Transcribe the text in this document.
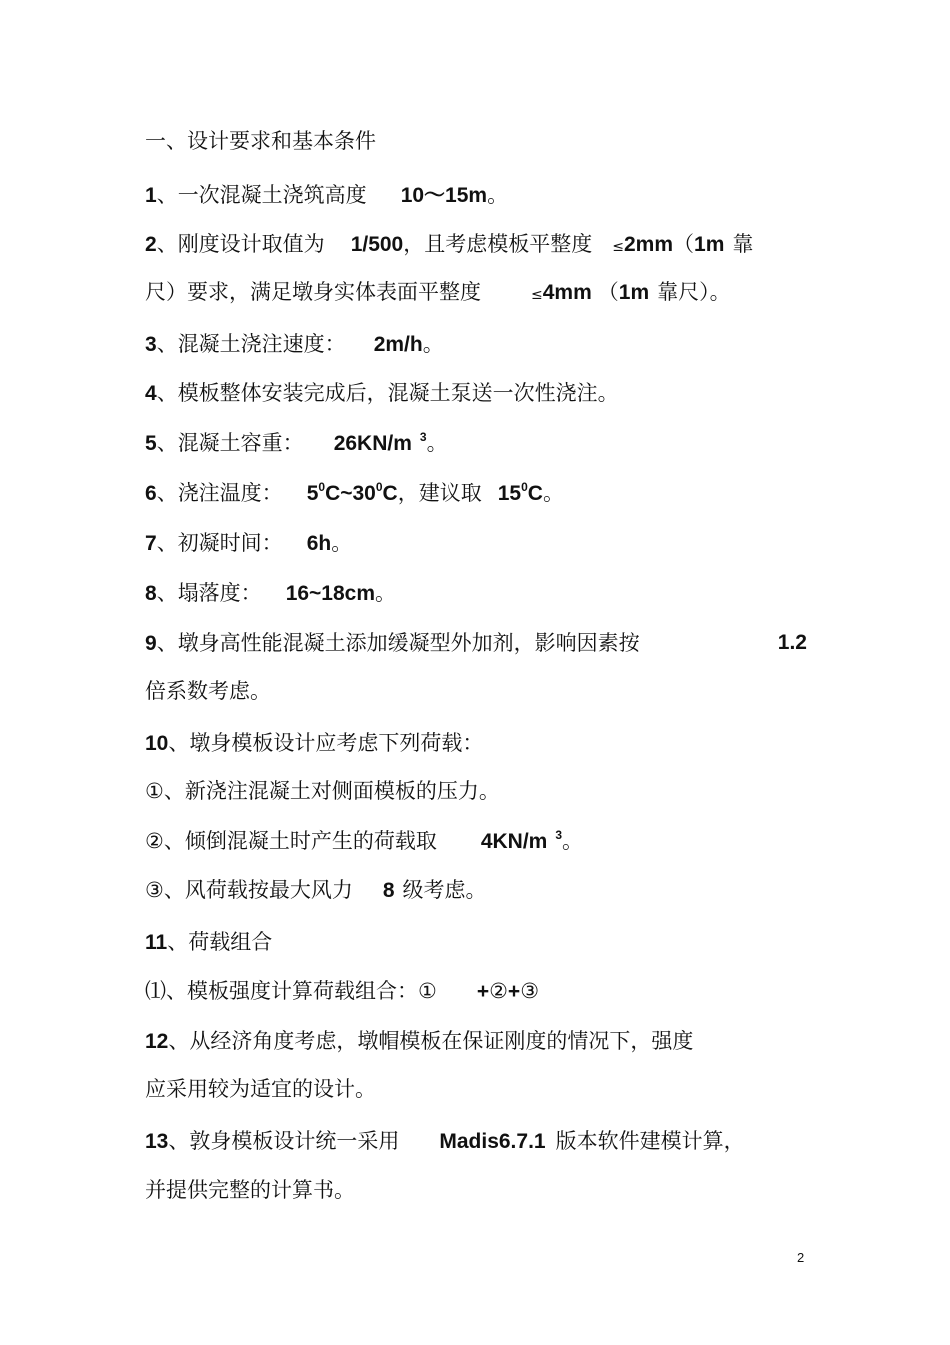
一、设计要求和基本条件
1、一次混凝土浇筑高度 10～15m。
2、刚度设计取值为 1/500，且考虑模板平整度 ≤2mm（1m 靠
尺）要求，满足墩身实体表面平整度	≤4mm （1m 靠尺）。
3、混凝土浇注速度： 2m/h。
4、模板整体安装完成后，混凝土泵送一次性浇注。
5、混凝土容重： 26KN/m $^3$。
6、浇注温度： $5^0C\sim 30^0C$，建议取 $15^0C$。
7、初凝时间： 6h。
8、塌落度： 16~18cm。
9、墩身高性能混凝土添加缓凝型外加剂，影响因素按	1.2
倍系数考虑。
10、墩身模板设计应考虑下列荷载：
①、新浇注混凝土对侧面模板的压力。
②、倾倒混凝土时产生的荷载取 4KN/m $^3$。
③、风荷载按最大风力 8 级考虑。
11、荷载组合
⑴、模板强度计算荷载组合：① +②+③
12、从经济角度考虑，墩帽模板在保证刚度的情况下，强度
应采用较为适宜的设计。
13、敦身模板设计统一采用 Madis6.7.1 版本软件建模计算，
并提供完整的计算书。
2
